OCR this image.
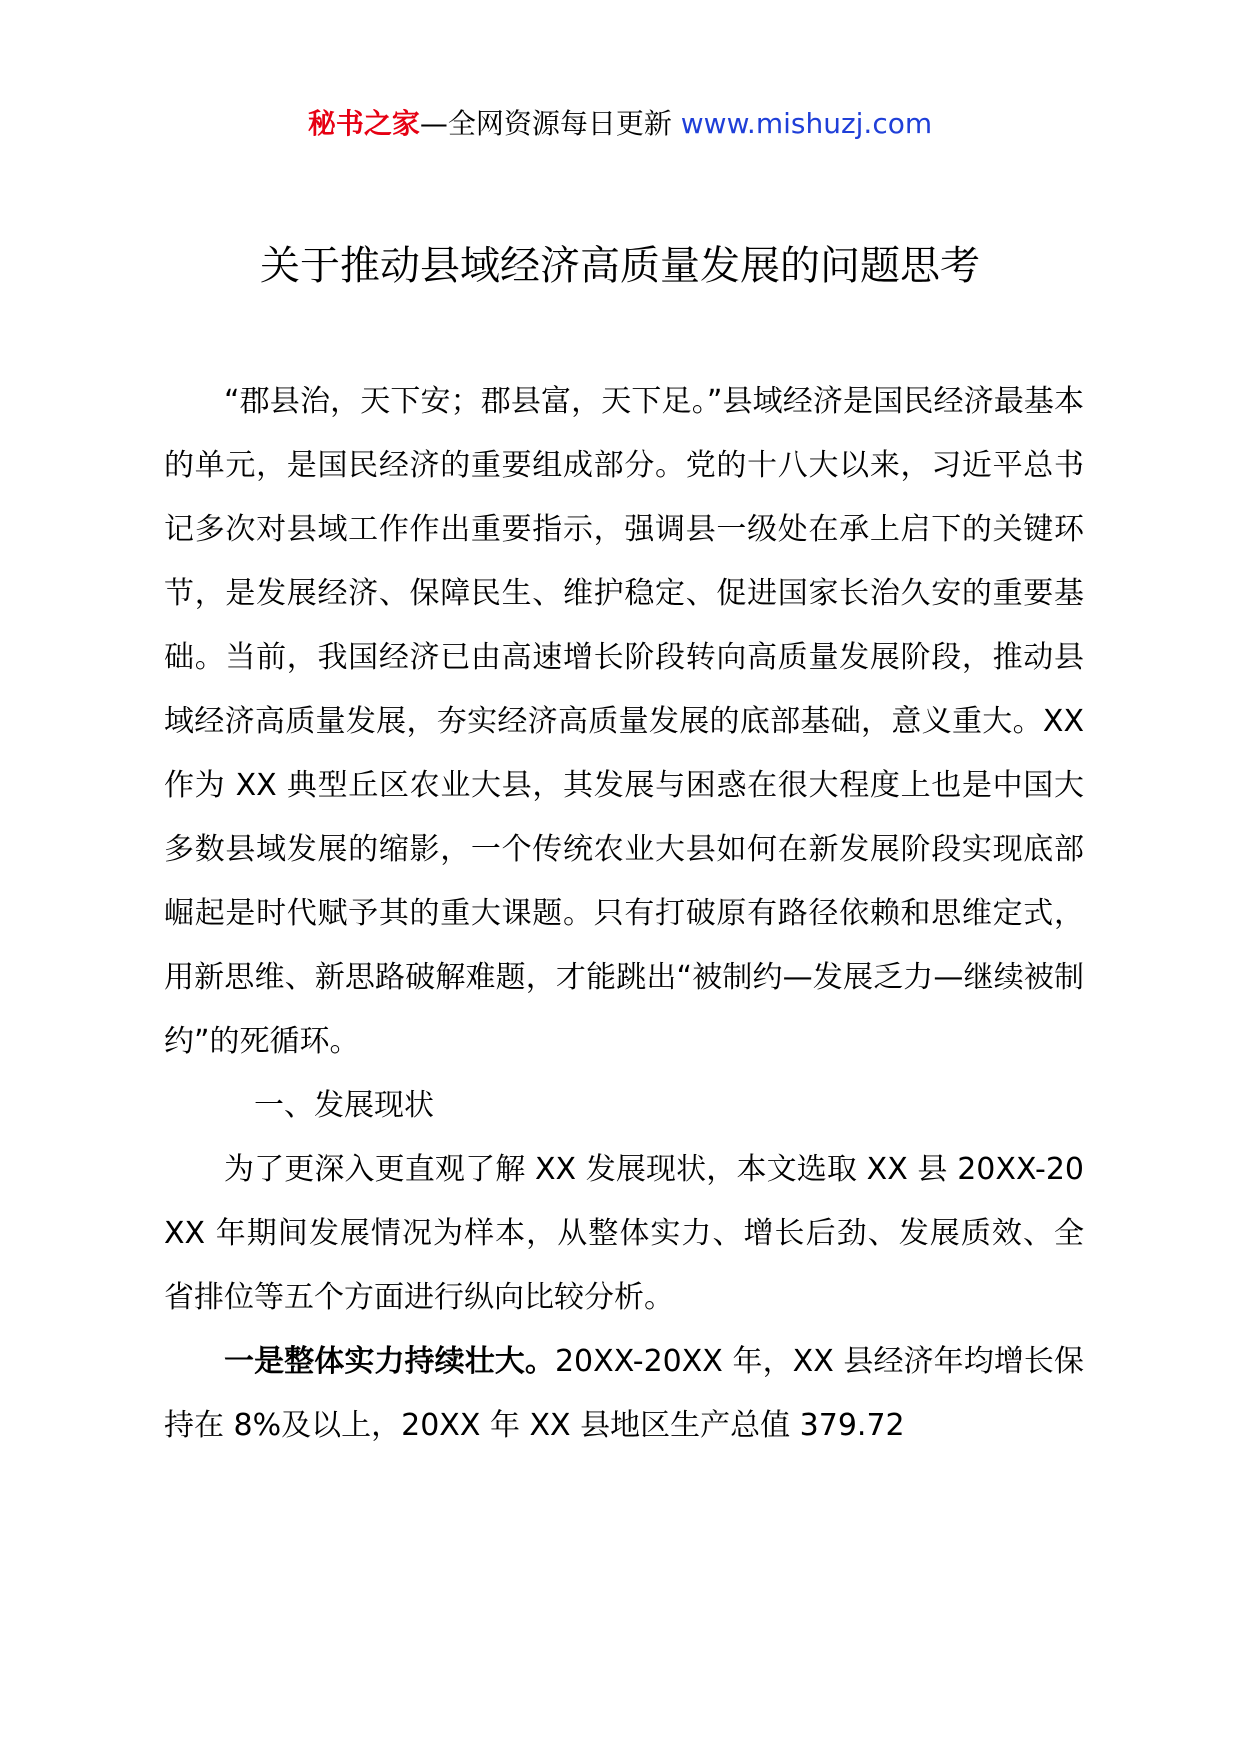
秘书之家—全网资源每日更新 www.mishuzj.com
关于推动县域经济高质量发展的问题思考

“郡县治，天下安；郡县富，天下足。”县域经济是国民经济最基本的单元，是国民经济的重要组成部分。党的十八大以来，习近平总书记多次对县域工作作出重要指示，强调县一级处在承上启下的关键环节，是发展经济、保障民生、维护稳定、促进国家长治久安的重要基础。当前，我国经济已由高速增长阶段转向高质量发展阶段，推动县域经济高质量发展，夯实经济高质量发展的底部基础，意义重大。XX 作为 XX 典型丘区农业大县，其发展与困惑在很大程度上也是中国大多数县域发展的缩影，一个传统农业大县如何在新发展阶段实现底部崛起是时代赋予其的重大课题。只有打破原有路径依赖和思维定式，用新思维、新思路破解难题，才能跳出“被制约—发展乏力—继续被制约”的死循环。

一、发展现状

为了更深入更直观了解 XX 发展现状，本文选取 XX 县 20XX-20XX 年期间发展情况为样本，从整体实力、增长后劲、发展质效、全省排位等五个方面进行纵向比较分析。

一是整体实力持续壮大。20XX-20XX 年，XX 县经济年均增长保持在 8%及以上，20XX 年 XX 县地区生产总值 379.72
